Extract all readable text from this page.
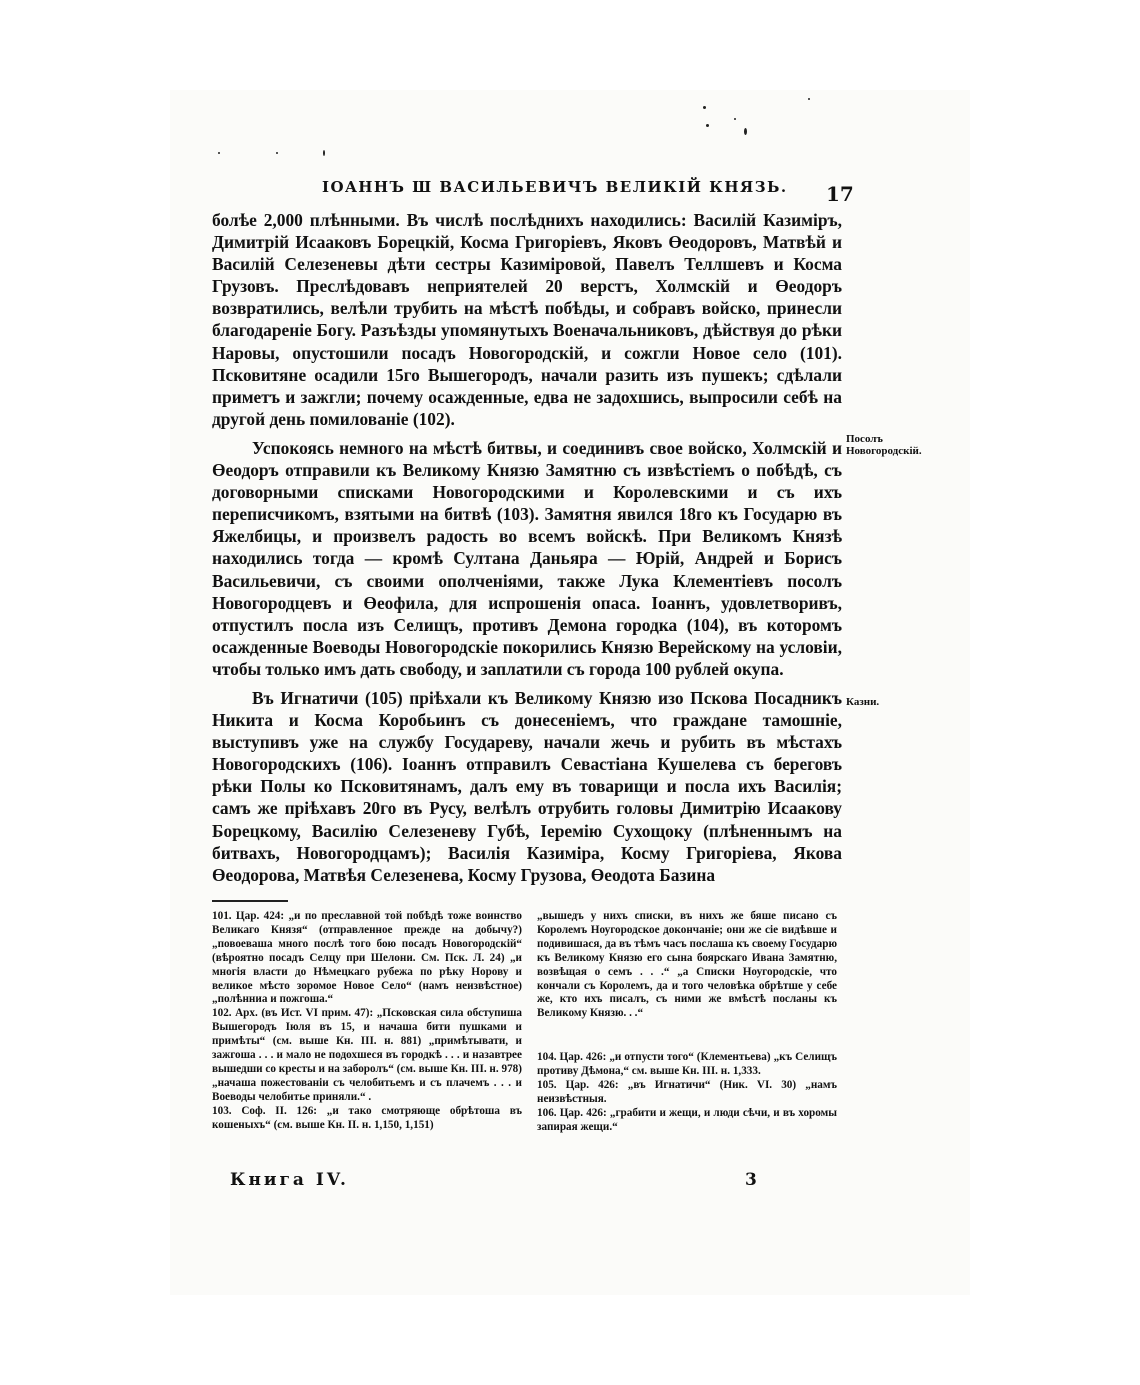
IOAHHЪ Ш ВАСИЛЬЕВИЧЪ ВЕЛИКІЙ КНЯЗЬ. 17

болѣе 2,000 плѣнными. Въ числѣ послѣднихъ находились: Василій Казиміръ, Димитрій Исааковъ Борецкій, Косма Григорiевъ, Яковъ Өеодоровъ, Матвѣй и Василій Селезеневы дѣти сестры Казиміровой, Павелъ Теллшевъ и Косма Грузовъ. Преслѣдовавъ неприятелей 20 верстъ, Холмскій и Өеодоръ возвратились, велѣли трубить на мѣстѣ побѣды, и собравъ войско, принесли благодареніе Богу. Разъѣзды упомянутыхъ Военачальниковъ, дѣйствуя до рѣки Наровы, опустошили посадъ Новогородскій, и сожгли Новое село (101). Псковитяне осадили 15го Вышегородъ, начали разить изъ пушекъ; сдѣлали приметъ и зажгли; почему осажденные, едва не задохшись, выпросили себѣ на другой день помилованіе (102).

Успокоясь немного на мѣстѣ битвы, и соединивъ свое войско, Холмскій и Өеодоръ отправили къ Великому Князю Замятню съ извѣстіемъ о побѣдѣ, съ договорными списками Новогородскими и Королевскими и съ ихъ переписчикомъ, взятыми на битвѣ (103). Замятня явился 18го къ Государю въ Яжелбицы, и произвелъ радость во всемъ войскѣ. При Великомъ Князѣ находились тогда — кромѣ Султана Даньяра — Юрій, Андрей и Борисъ Васильевичи, съ своими ополченіями, также Лука Клементіевъ посолъ Новогородцевъ и Өеофила, для испрошенія опаса. Іоаннъ, удовлетворивъ, отпустилъ посла изъ Селищъ, противъ Демона городка (104), въ которомъ осажденные Воеводы Новогородскіе покорились Князю Верейскому на условіи, чтобы только имъ дать свободу, и заплатили съ города 100 рублей окупа.

Въ Игнатичи (105) пріѣхали къ Великому Князю изо Пскова Посадникъ Никита и Косма Коробьинъ съ донесеніемъ, что граждане тамошніе, выступивъ уже на службу Государеву, начали жечь и рубить въ мѣстахъ Новогородскихъ (106). Іоаннъ отправилъ Севастіана Кушелева съ береговъ рѣки Полы ко Псковитянамъ, далъ ему въ товарищи и посла ихъ Василія; самъ же пріѣхавъ 20го въ Русу, велѣлъ отрубить головы Димитрію Исаакову Борецкому, Василію Селезеневу Губѣ, Іеремію Сухощоку (плѣненнымъ на битвахъ, Новогородцамъ); Василія Казиміра, Косму Григорiева, Якова Өеодорова, Матвѣя Селезенева, Косму Грузова, Өеодота Базина

Посолъ Новогородскій.
Казни.

101. Цар. 424: „и по преславной той побѣдѣ тоже воинство Великаго Князя“ (отправленное прежде на добычу?) „повоеваша много послѣ того бою посадъ Новогородскій“ (вѣроятно посадъ Селцу при Шелони. См. Пск. Л. 24) „и многія власти до Нѣмецкаго рубежа по рѣку Норову и великое мѣсто зоромое Новое Село“ (намъ неизвѣстное) „полѣнниа и пожгоша.“

102. Арх. (въ Ист. VI прим. 47): „Псковская сила обступиша Вышегородъ Іюля въ 15, и начаша бити пушками и примѣты“ (см. выше Кн. III. н. 881) „примѣтывати, и зажгоша . . . и мало не подохшеся въ городкѣ . . . и назавтрее вышедши со кресты и на заборолъ“ (см. выше Кн. III. н. 978) „начаша пожестованіи съ челобитьемъ и съ плачемъ . . . и Воеводы челобитье приняли.“ .

103. Соф. II. 126: „и тако смотряюще обрѣтоша въ кошеныхъ“ (см. выше Кн. II. н. 1,150, 1,151)

„вышедъ у нихъ списки, въ нихъ же бяше писано съ Королемъ Ноугородское докончаніе; они же сіе видѣвше и подивишася, да въ тѣмъ часъ послаша къ своему Государю къ Великому Князю его сына боярскаго Ивана Замятню, возвѣщая о семъ . . .“ „а Списки Ноугородскіе, что кончали съ Королемъ, да и того человѣка обрѣтше у себе же, кто ихъ писалъ, съ ними же вмѣстѣ посланы къ Великому Князю. . .“

104. Цар. 426: „и отпусти того“ (Клементьева) „къ Селищъ противу Дѣмона,“ см. выше Кн. III. н. 1,333.

105. Цар. 426: „въ Игнатичи“ (Ник. VI. 30) „намъ неизвѣстныя.

106. Цар. 426: „грабити и жещи, и люди сѣчи, и въ хоромы запирая жещи.“

Книга IV.	3
